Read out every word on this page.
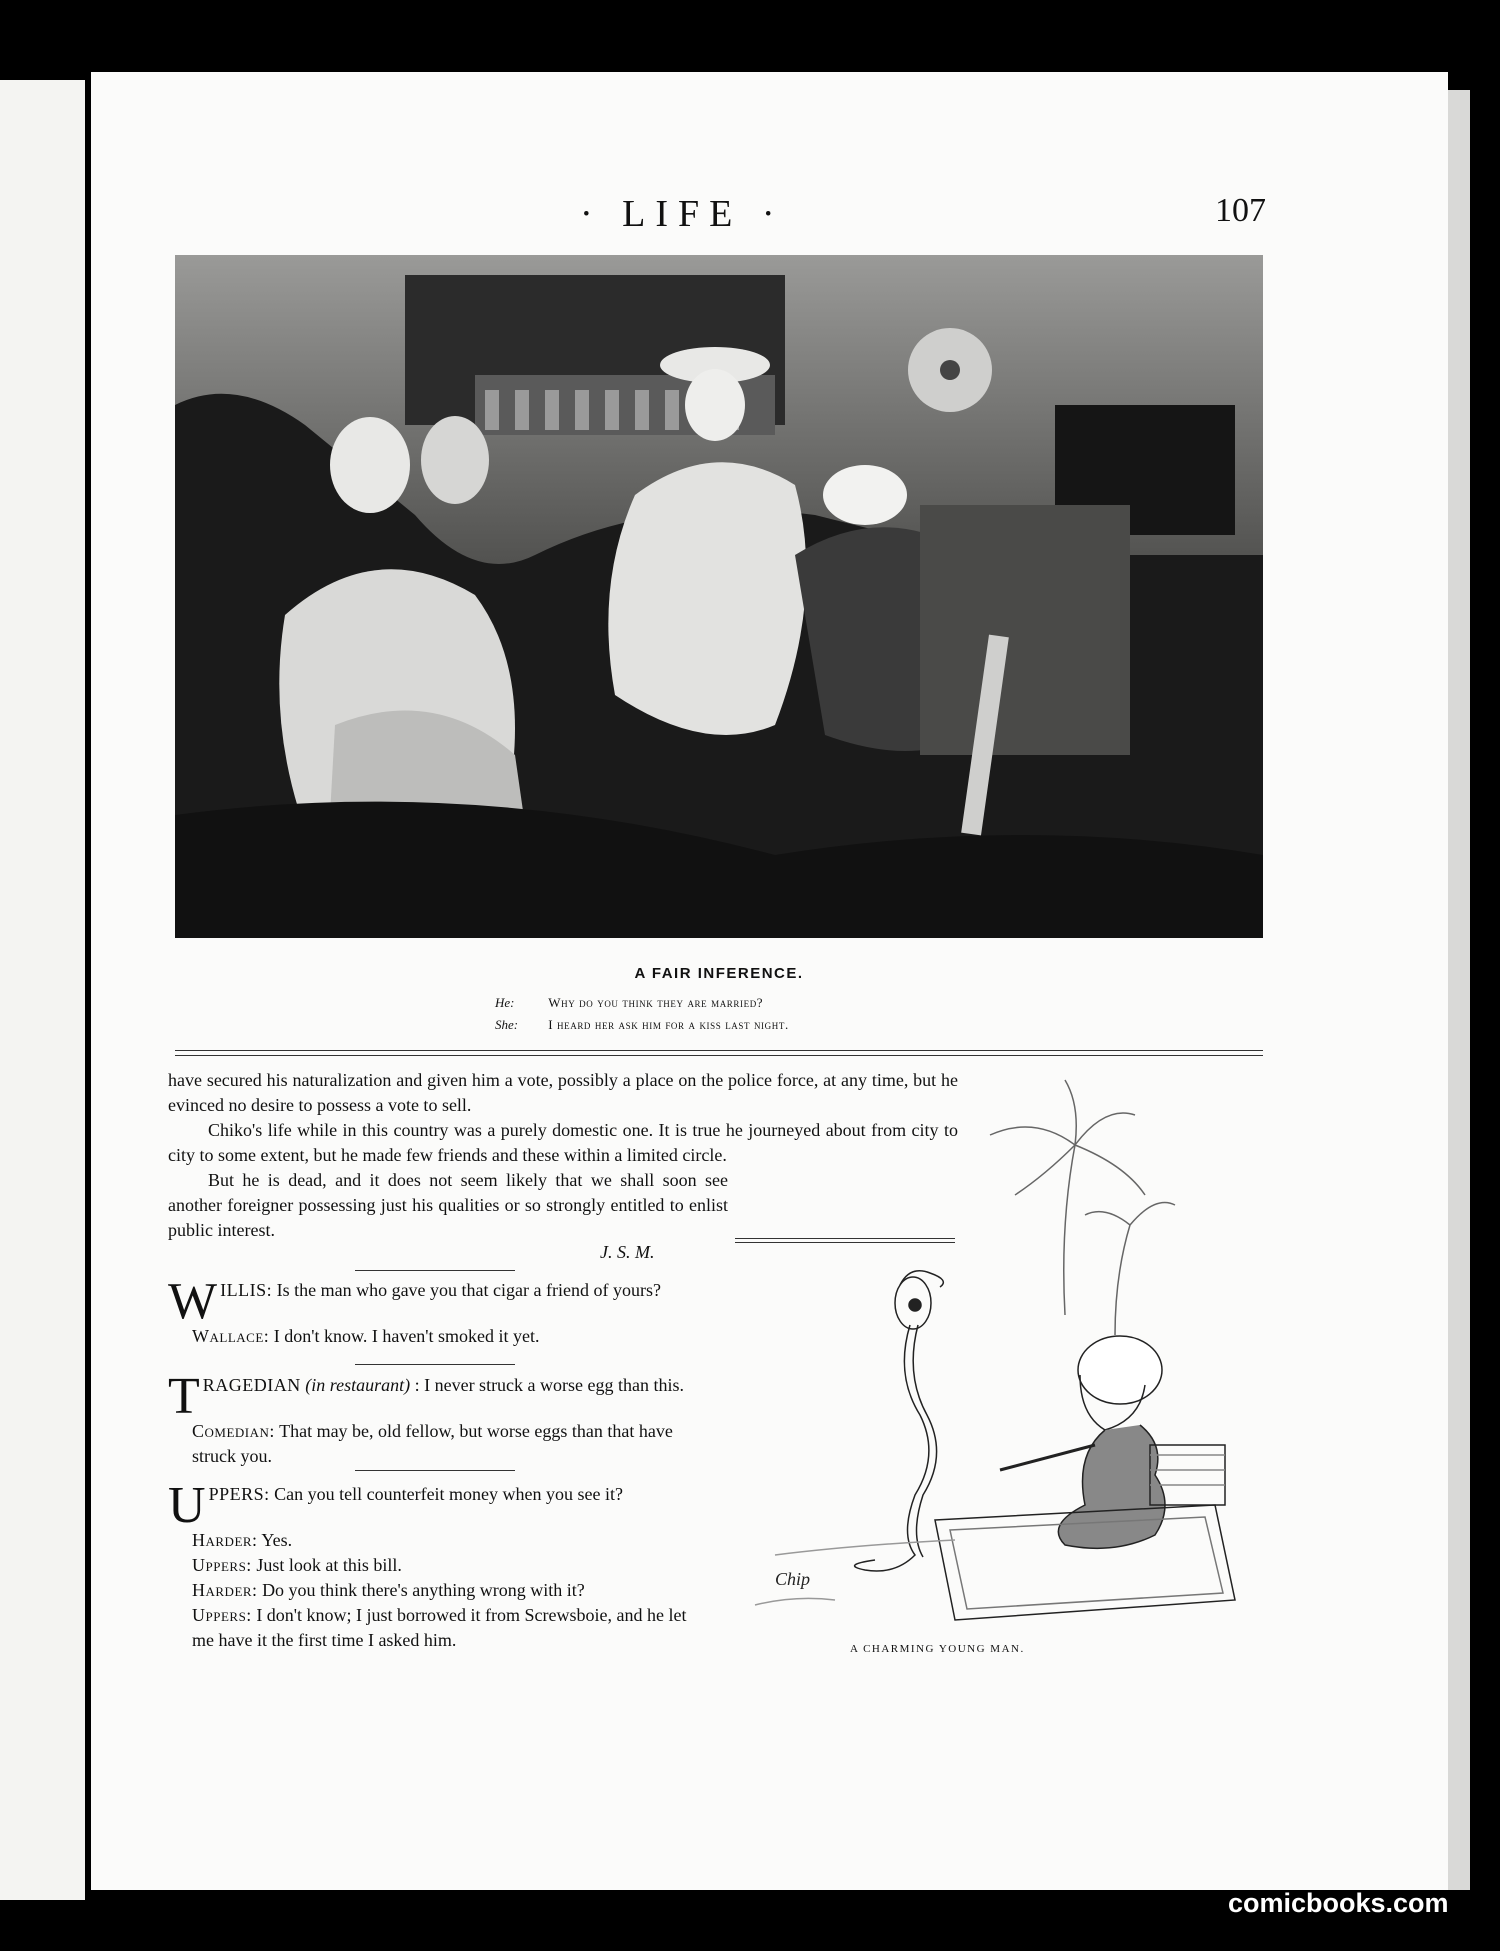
· LIFE ·	107
A FAIR INFERENCE.
He:	Why do you think they are married?
She: I heard her ask him for a kiss last night.

have secured his naturalization and given him a vote, possibly a place on the police force, at any time, but he evinced no desire to possess a vote to sell.

Chiko's life while in this country was a purely domestic one. It is true he journeyed about from city to city to some extent, but he made few friends and these within a limited circle.

But he is dead, and it does not seem likely that we shall soon see another foreigner possessing just his qualities or so strongly entitled to enlist public interest.

J. S. M.

W ILLIS: Is the man who gave you that cigar a friend of yours?

Wallace: I don't know. I haven't smoked it yet.

T RAGEDIAN (in restaurant) : I never struck a worse egg than this.

Comedian: That may be, old fellow, but worse eggs than that have struck you.

U PPERS: Can you tell counterfeit money when you see it?

Harder: Yes.

Uppers: Just look at this bill.

Harder: Do you think there's anything wrong with it?

Uppers: I don't know; I just borrowed it from Screwsboie, and he let me have it the first time I asked him.

Chip
A CHARMING YOUNG MAN.
comicbooks.com
